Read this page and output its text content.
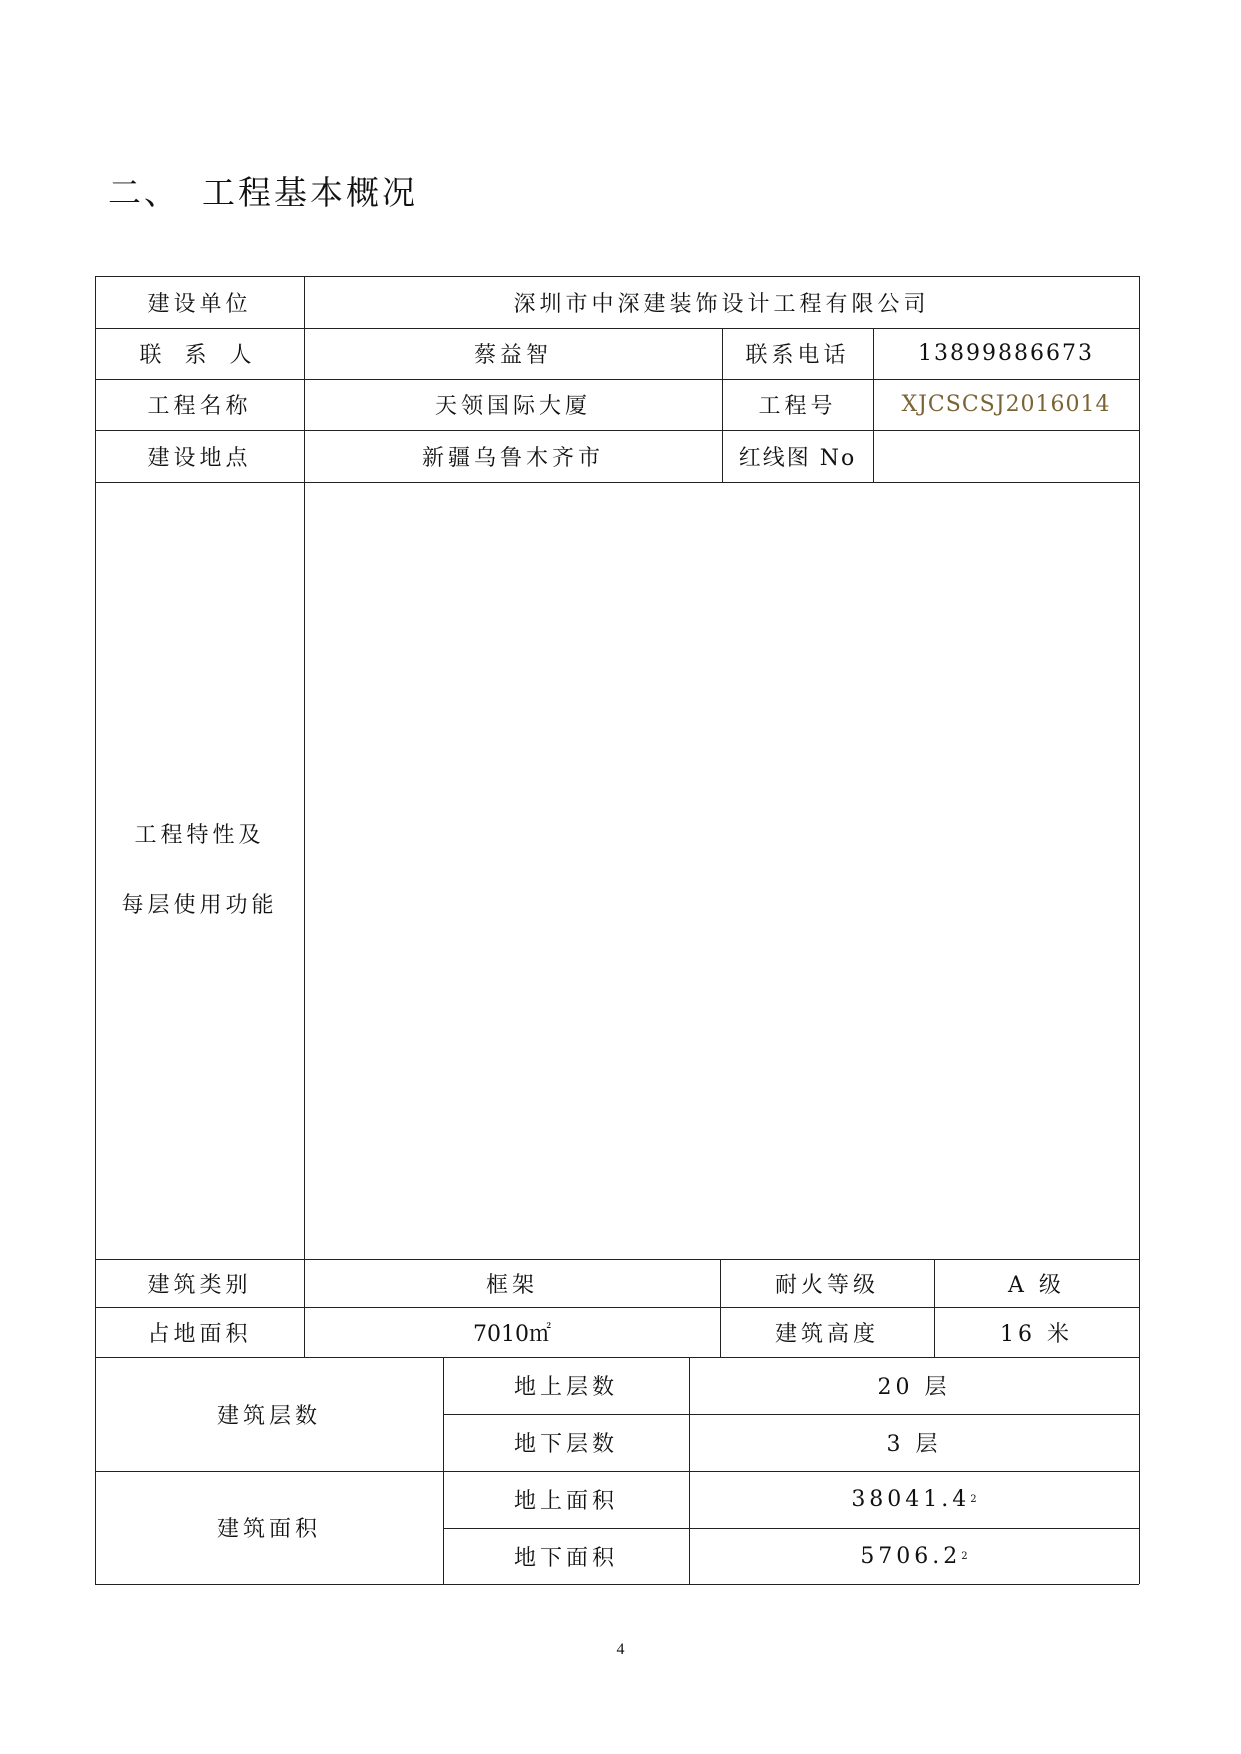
二、 工程基本概况
建设单位	深圳市中深建装饰设计工程有限公司
联 系 人	蔡益智	联系电话	13899886673
工程名称	天领国际大厦	工程号	XJCSCSJ2016014
建设地点	新疆乌鲁木齐市	红线图 No
工程特性及
每层使用功能
建筑类别	框架	耐火等级	A 级
占地面积	7010㎡	建筑高度	16 米
建筑层数
地上层数	20 层
地下层数	3 层
建筑面积
地上面积	38041.4 2
地下面积	5706.2 2
4
